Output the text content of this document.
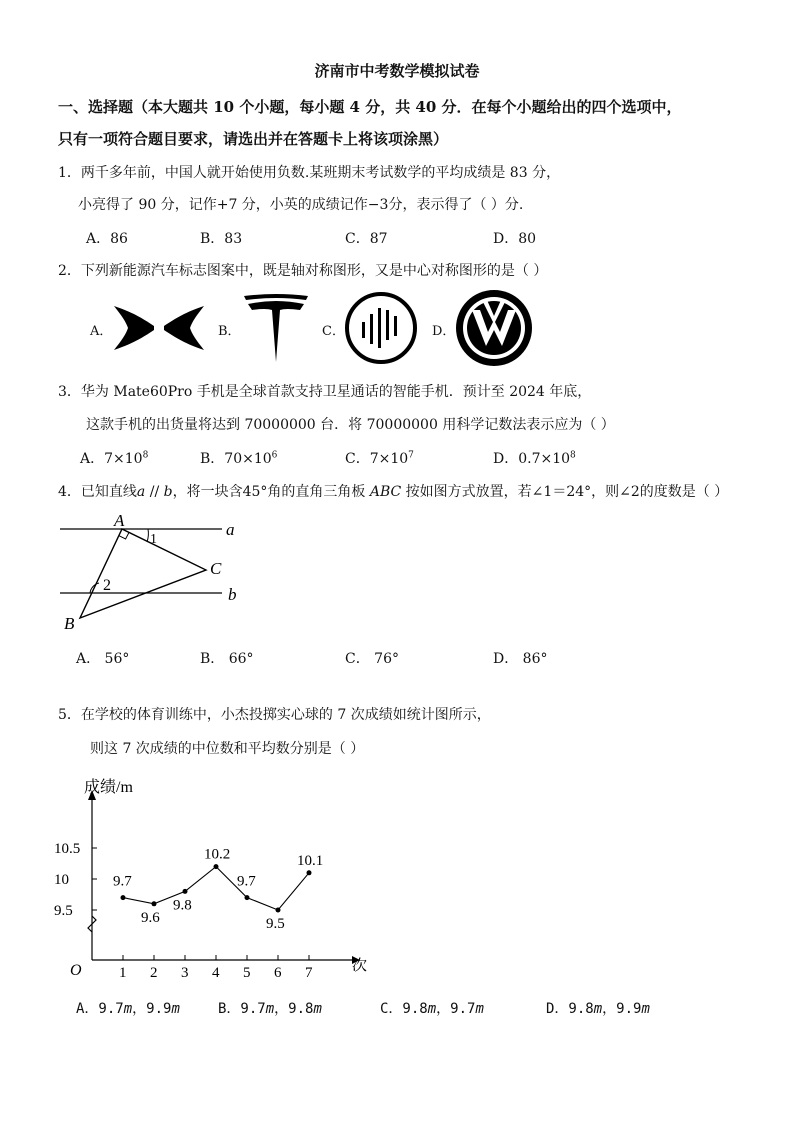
济南市中考数学模拟试卷
一、选择题（本大题共 10 个小题，每小题 4 分，共 40 分．在每个小题给出的四个选项中，
只有一项符合题目要求，请选出并在答题卡上将该项涂黑）
1．两千多年前，中国人就开始使用负数.某班期末考试数学的平均成绩是 83 分，
小亮得了 90 分，记作+7 分，小英的成绩记作−3分，表示得了（ ）分.
A．86	B．83	C．87	D．80
2．下列新能源汽车标志图案中，既是轴对称图形，又是中心对称图形的是（ ）
A．	B．	C．	D．
3．华为 Mate60Pro 手机是全球首款支持卫星通话的智能手机．预计至 2024 年底，
这款手机的出货量将达到 70000000 台．将 70000000 用科学记数法表示应为（ ）
A．$7\times 10^8$	B．$70\times 10^6$	C．$7\times 10^7$	D．$0.7\times 10^8$
4．已知直线a // b，将一块含45°角的直角三角板 ABC 按如图方式放置，若∠1＝24°，则∠2的度数是（ ）
A
C
B
a
b
1
2
A． 56°	B． 66°	C． 76°	D． 86°
5．在学校的体育训练中，小杰投掷实心球的 7 次成绩如统计图所示，
则这 7 次成绩的中位数和平均数分别是（ ）
成绩/m
次
O
9.5
10
10.5
1 2 3 4 5 6 7
9.7
9.6
9.8
10.2
9.7
9.5
10.1
A．9.7m，9.9m	B．9.7m，9.8m	C．9.8m，9.7m	D．9.8m，9.9m
